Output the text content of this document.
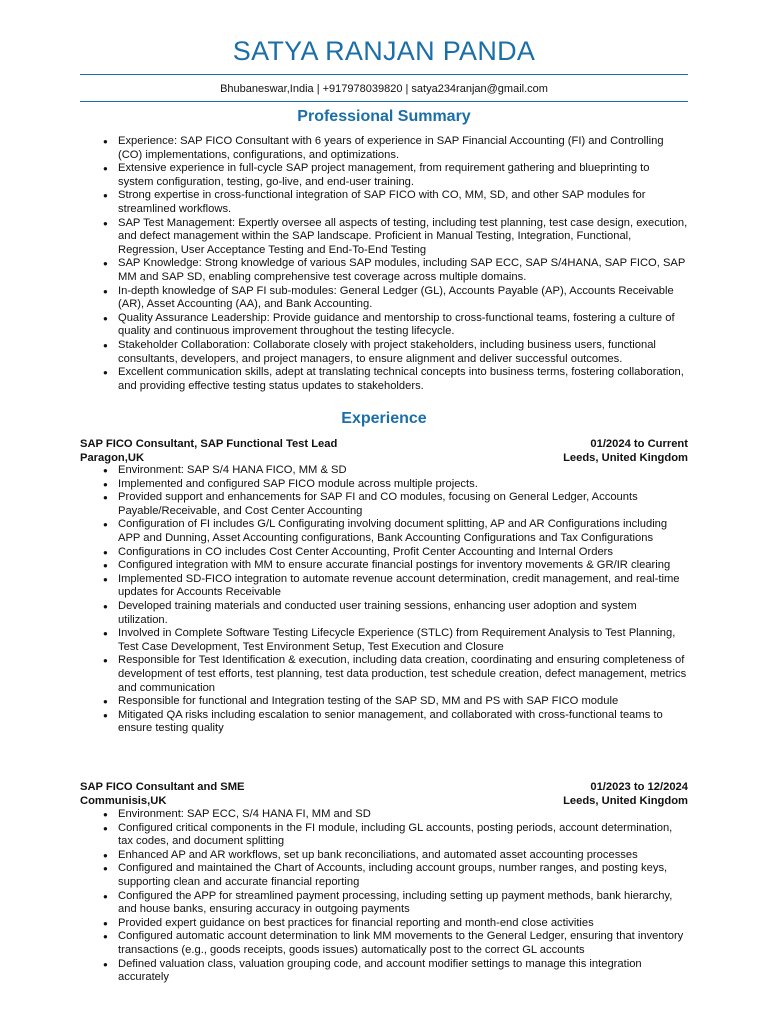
SATYA RANJAN PANDA
Bhubaneswar,India | +917978039820 | satya234ranjan@gmail.com
Professional Summary
● Experience: SAP FICO Consultant with 6 years of experience in SAP Financial Accounting (FI) and Controlling (CO) implementations, configurations, and optimizations.
● Extensive experience in full-cycle SAP project management, from requirement gathering and blueprinting to system configuration, testing, go-live, and end-user training.
● Strong expertise in cross-functional integration of SAP FICO with CO, MM, SD, and other SAP modules for streamlined workflows.
● SAP Test Management: Expertly oversee all aspects of testing, including test planning, test case design, execution, and defect management within the SAP landscape. Proficient in Manual Testing, Integration, Functional, Regression, User Acceptance Testing and End-To-End Testing
● SAP Knowledge: Strong knowledge of various SAP modules, including SAP ECC, SAP S/4HANA, SAP FICO, SAP MM and SAP SD, enabling comprehensive test coverage across multiple domains.
● In-depth knowledge of SAP FI sub-modules: General Ledger (GL), Accounts Payable (AP), Accounts Receivable (AR), Asset Accounting (AA), and Bank Accounting.
● Quality Assurance Leadership: Provide guidance and mentorship to cross-functional teams, fostering a culture of quality and continuous improvement throughout the testing lifecycle.
● Stakeholder Collaboration: Collaborate closely with project stakeholders, including business users, functional consultants, developers, and project managers, to ensure alignment and deliver successful outcomes.
● Excellent communication skills, adept at translating technical concepts into business terms, fostering collaboration, and providing effective testing status updates to stakeholders.
Experience
SAP FICO Consultant, SAP Functional Test Lead	01/2024 to Current
Paragon,UK	Leeds, United Kingdom
● Environment: SAP S/4 HANA FICO, MM & SD
● Implemented and configured SAP FICO module across multiple projects.
● Provided support and enhancements for SAP FI and CO modules, focusing on General Ledger, Accounts Payable/Receivable, and Cost Center Accounting
● Configuration of FI includes G/L Configurating involving document splitting, AP and AR Configurations including APP and Dunning, Asset Accounting configurations, Bank Accounting Configurations and Tax Configurations
● Configurations in CO includes Cost Center Accounting, Profit Center Accounting and Internal Orders
● Configured integration with MM to ensure accurate financial postings for inventory movements & GR/IR clearing
● Implemented SD-FICO integration to automate revenue account determination, credit management, and real-time updates for Accounts Receivable
● Developed training materials and conducted user training sessions, enhancing user adoption and system utilization.
● Involved in Complete Software Testing Lifecycle Experience (STLC) from Requirement Analysis to Test Planning, Test Case Development, Test Environment Setup, Test Execution and Closure
● Responsible for Test Identification & execution, including data creation, coordinating and ensuring completeness of development of test efforts, test planning, test data production, test schedule creation, defect management, metrics and communication
● Responsible for functional and Integration testing of the SAP SD, MM and PS with SAP FICO module
● Mitigated QA risks including escalation to senior management, and collaborated with cross-functional teams to ensure testing quality
SAP FICO Consultant and SME	01/2023 to 12/2024
Communisis,UK	Leeds, United Kingdom
● Environment: SAP ECC, S/4 HANA FI, MM and SD
● Configured critical components in the FI module, including GL accounts, posting periods, account determination, tax codes, and document splitting
● Enhanced AP and AR workflows, set up bank reconciliations, and automated asset accounting processes
● Configured and maintained the Chart of Accounts, including account groups, number ranges, and posting keys, supporting clean and accurate financial reporting
● Configured the APP for streamlined payment processing, including setting up payment methods, bank hierarchy, and house banks, ensuring accuracy in outgoing payments
● Provided expert guidance on best practices for financial reporting and month-end close activities
● Configured automatic account determination to link MM movements to the General Ledger, ensuring that inventory transactions (e.g., goods receipts, goods issues) automatically post to the correct GL accounts
● Defined valuation class, valuation grouping code, and account modifier settings to manage this integration accurately
